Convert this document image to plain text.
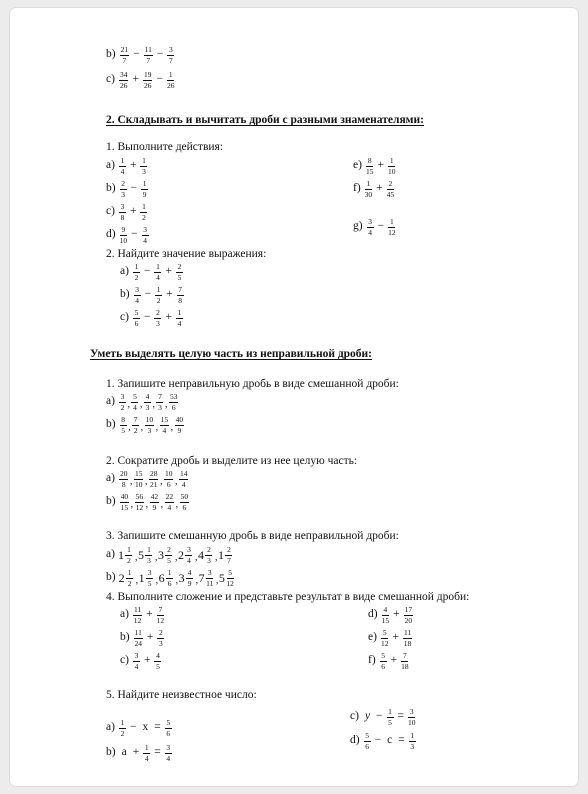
$b) \frac{21}{7} - \frac{11}{7} - \frac{3}{7}$
$c) \frac{34}{26} + \frac{19}{26} - \frac{1}{26}$
2. Складывать и вычитать дроби с разными знаменателями:
1. Выполните действия:
$a) \frac{1}{4} + \frac{1}{3}$
$b) \frac{2}{3} - \frac{1}{9}$
$c) \frac{3}{8} + \frac{1}{2}$
$d) \frac{9}{10} - \frac{3}{4}$
$e) \frac{8}{15} + \frac{1}{10}$
$f) \frac{1}{30} + \frac{2}{45}$
$g) \frac{3}{4} - \frac{1}{12}$
2. Найдите значение выражения:
$a) \frac{1}{2} - \frac{1}{4} + \frac{2}{5}$
$b) \frac{3}{4} - \frac{1}{2} + \frac{7}{8}$
$c) \frac{5}{6} - \frac{2}{3} + \frac{1}{4}$
Уметь выделять целую часть из неправильной дроби:
1. Запишите неправильную дробь в виде смешанной дроби:
$a) \frac{3}{2}$ , $\frac{5}{4}$ , $\frac{4}{3}$ , $\frac{7}{3}$ , $\frac{53}{6}$
$b) \frac{8}{5}$ , $\frac{7}{2}$ , $\frac{10}{3}$ , $\frac{15}{4}$ , $\frac{40}{9}$
2. Сократите дробь и выделите из нее целую часть:
$a) \frac{20}{8}$ , $\frac{15}{10}$ , $\frac{28}{21}$ , $\frac{10}{6}$ , $\frac{14}{4}$
$b) \frac{40}{15}$ , $\frac{56}{12}$ , $\frac{42}{9}$ , $\frac{22}{4}$ , $\frac{50}{6}$
3. Запишите смешанную дробь в виде неправильной дроби:
a) $1 \frac{1}{2}$ , $5 \frac{1}{3}$ , $3 \frac{2}{5}$ , $2 \frac{3}{4}$ , $4 \frac{2}{3}$ , $1 \frac{2}{7}$
b) $2 \frac{1}{2}$ , $1 \frac{3}{5}$ , $6 \frac{1}{6}$ , $3 \frac{4}{9}$ , $7 \frac{3}{11}$ , $5 \frac{5}{12}$
4. Выполните сложение и представьте результат в виде смешанной дроби:
$a) \frac{11}{12} + \frac{7}{12}$
$b) \frac{11}{24} + \frac{2}{3}$
$c) \frac{3}{4} + \frac{4}{5}$
$d) \frac{4}{15} + \frac{17}{20}$
$e) \frac{5}{12} + \frac{11}{18}$
$f) \frac{5}{6} + \frac{7}{18}$
5. Найдите неизвестное число:
$a) \frac{1}{2} - x = \frac{5}{6}$
b) $a + \frac{1}{4} = \frac{3}{4}$
c) $y - \frac{1}{5} = \frac{3}{10}$
$d) \frac{5}{6} - c = \frac{1}{3}$
